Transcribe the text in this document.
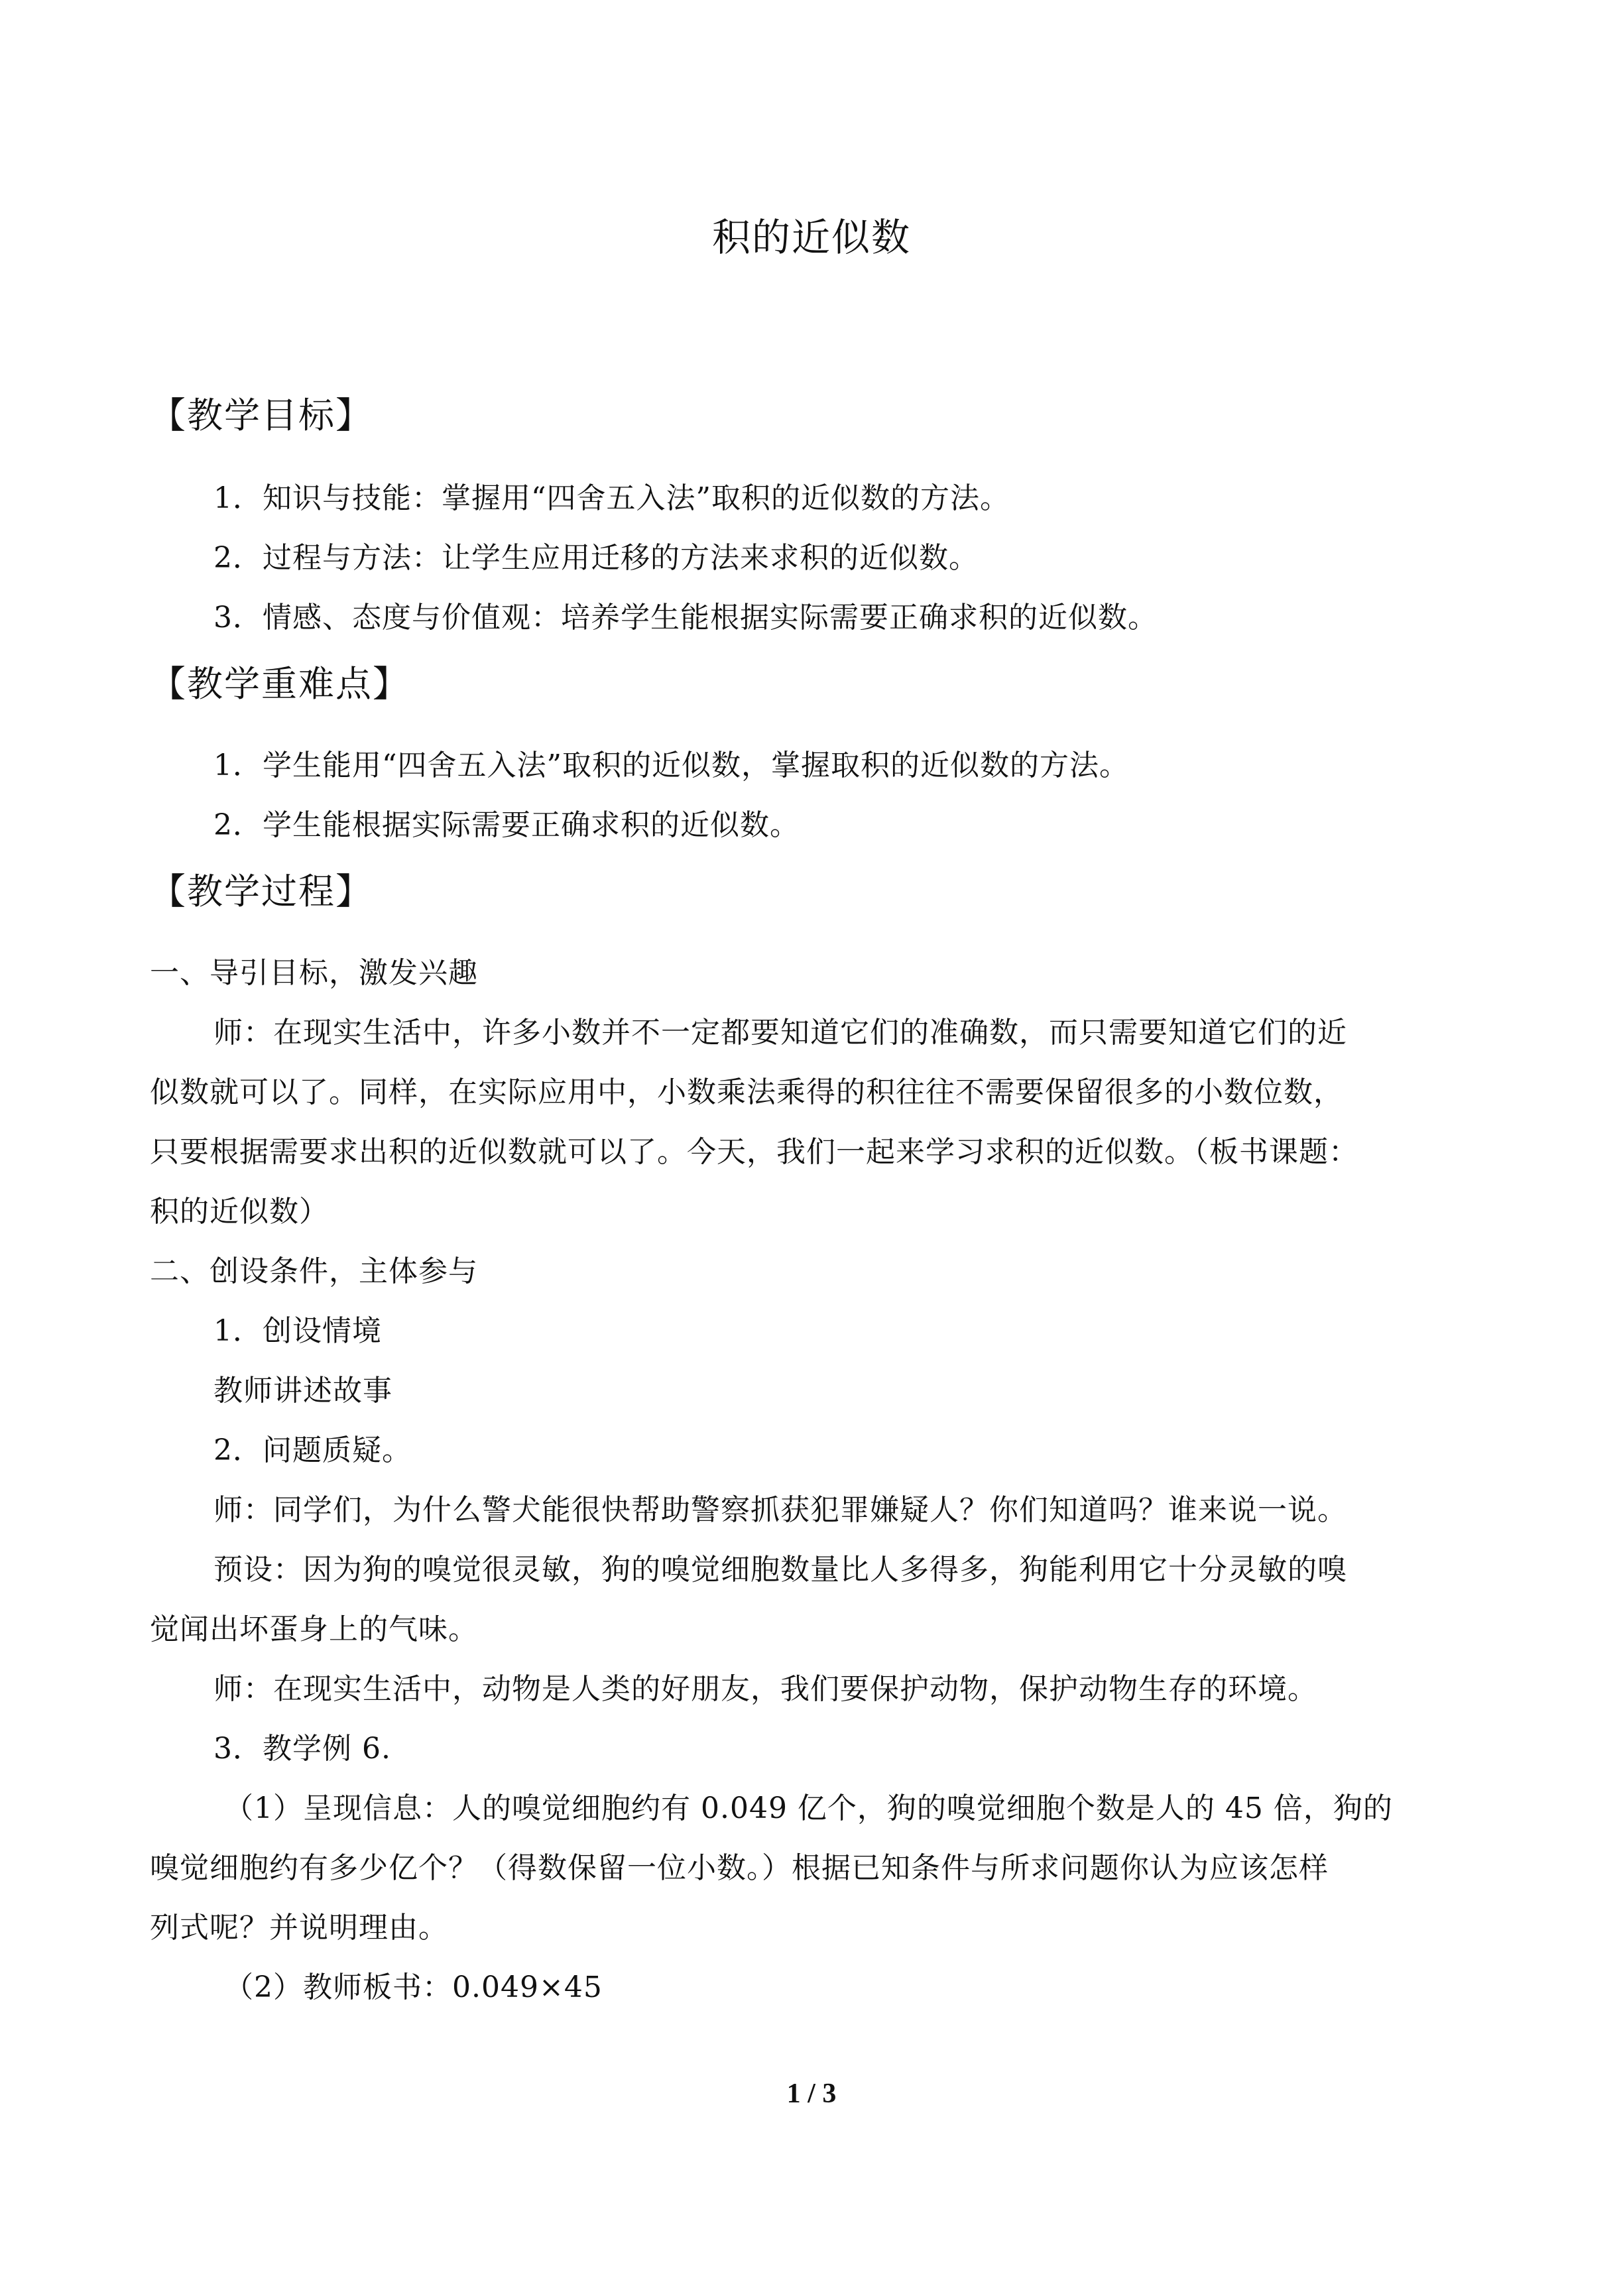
积的近似数
【教学目标】
1．知识与技能：掌握用“四舍五入法”取积的近似数的方法。
2．过程与方法：让学生应用迁移的方法来求积的近似数。
3．情感、态度与价值观：培养学生能根据实际需要正确求积的近似数。
【教学重难点】
1．学生能用“四舍五入法”取积的近似数，掌握取积的近似数的方法。
2．学生能根据实际需要正确求积的近似数。
【教学过程】
一、导引目标，激发兴趣
师：在现实生活中，许多小数并不一定都要知道它们的准确数，而只需要知道它们的近
似数就可以了。同样，在实际应用中，小数乘法乘得的积往往不需要保留很多的小数位数，
只要根据需要求出积的近似数就可以了。今天，我们一起来学习求积的近似数。（板书课题：
积的近似数）
二、创设条件，主体参与
1．创设情境
教师讲述故事
2．问题质疑。
师：同学们，为什么警犬能很快帮助警察抓获犯罪嫌疑人？你们知道吗？谁来说一说。
预设：因为狗的嗅觉很灵敏，狗的嗅觉细胞数量比人多得多，狗能利用它十分灵敏的嗅
觉闻出坏蛋身上的气味。
师：在现实生活中，动物是人类的好朋友，我们要保护动物，保护动物生存的环境。
3．教学例 6.
（1）呈现信息：人的嗅觉细胞约有 0.049 亿个，狗的嗅觉细胞个数是人的 45 倍，狗的
嗅觉细胞约有多少亿个？（得数保留一位小数。）根据已知条件与所求问题你认为应该怎样
列式呢？并说明理由。
（2）教师板书：0.049×45
1 / 3
